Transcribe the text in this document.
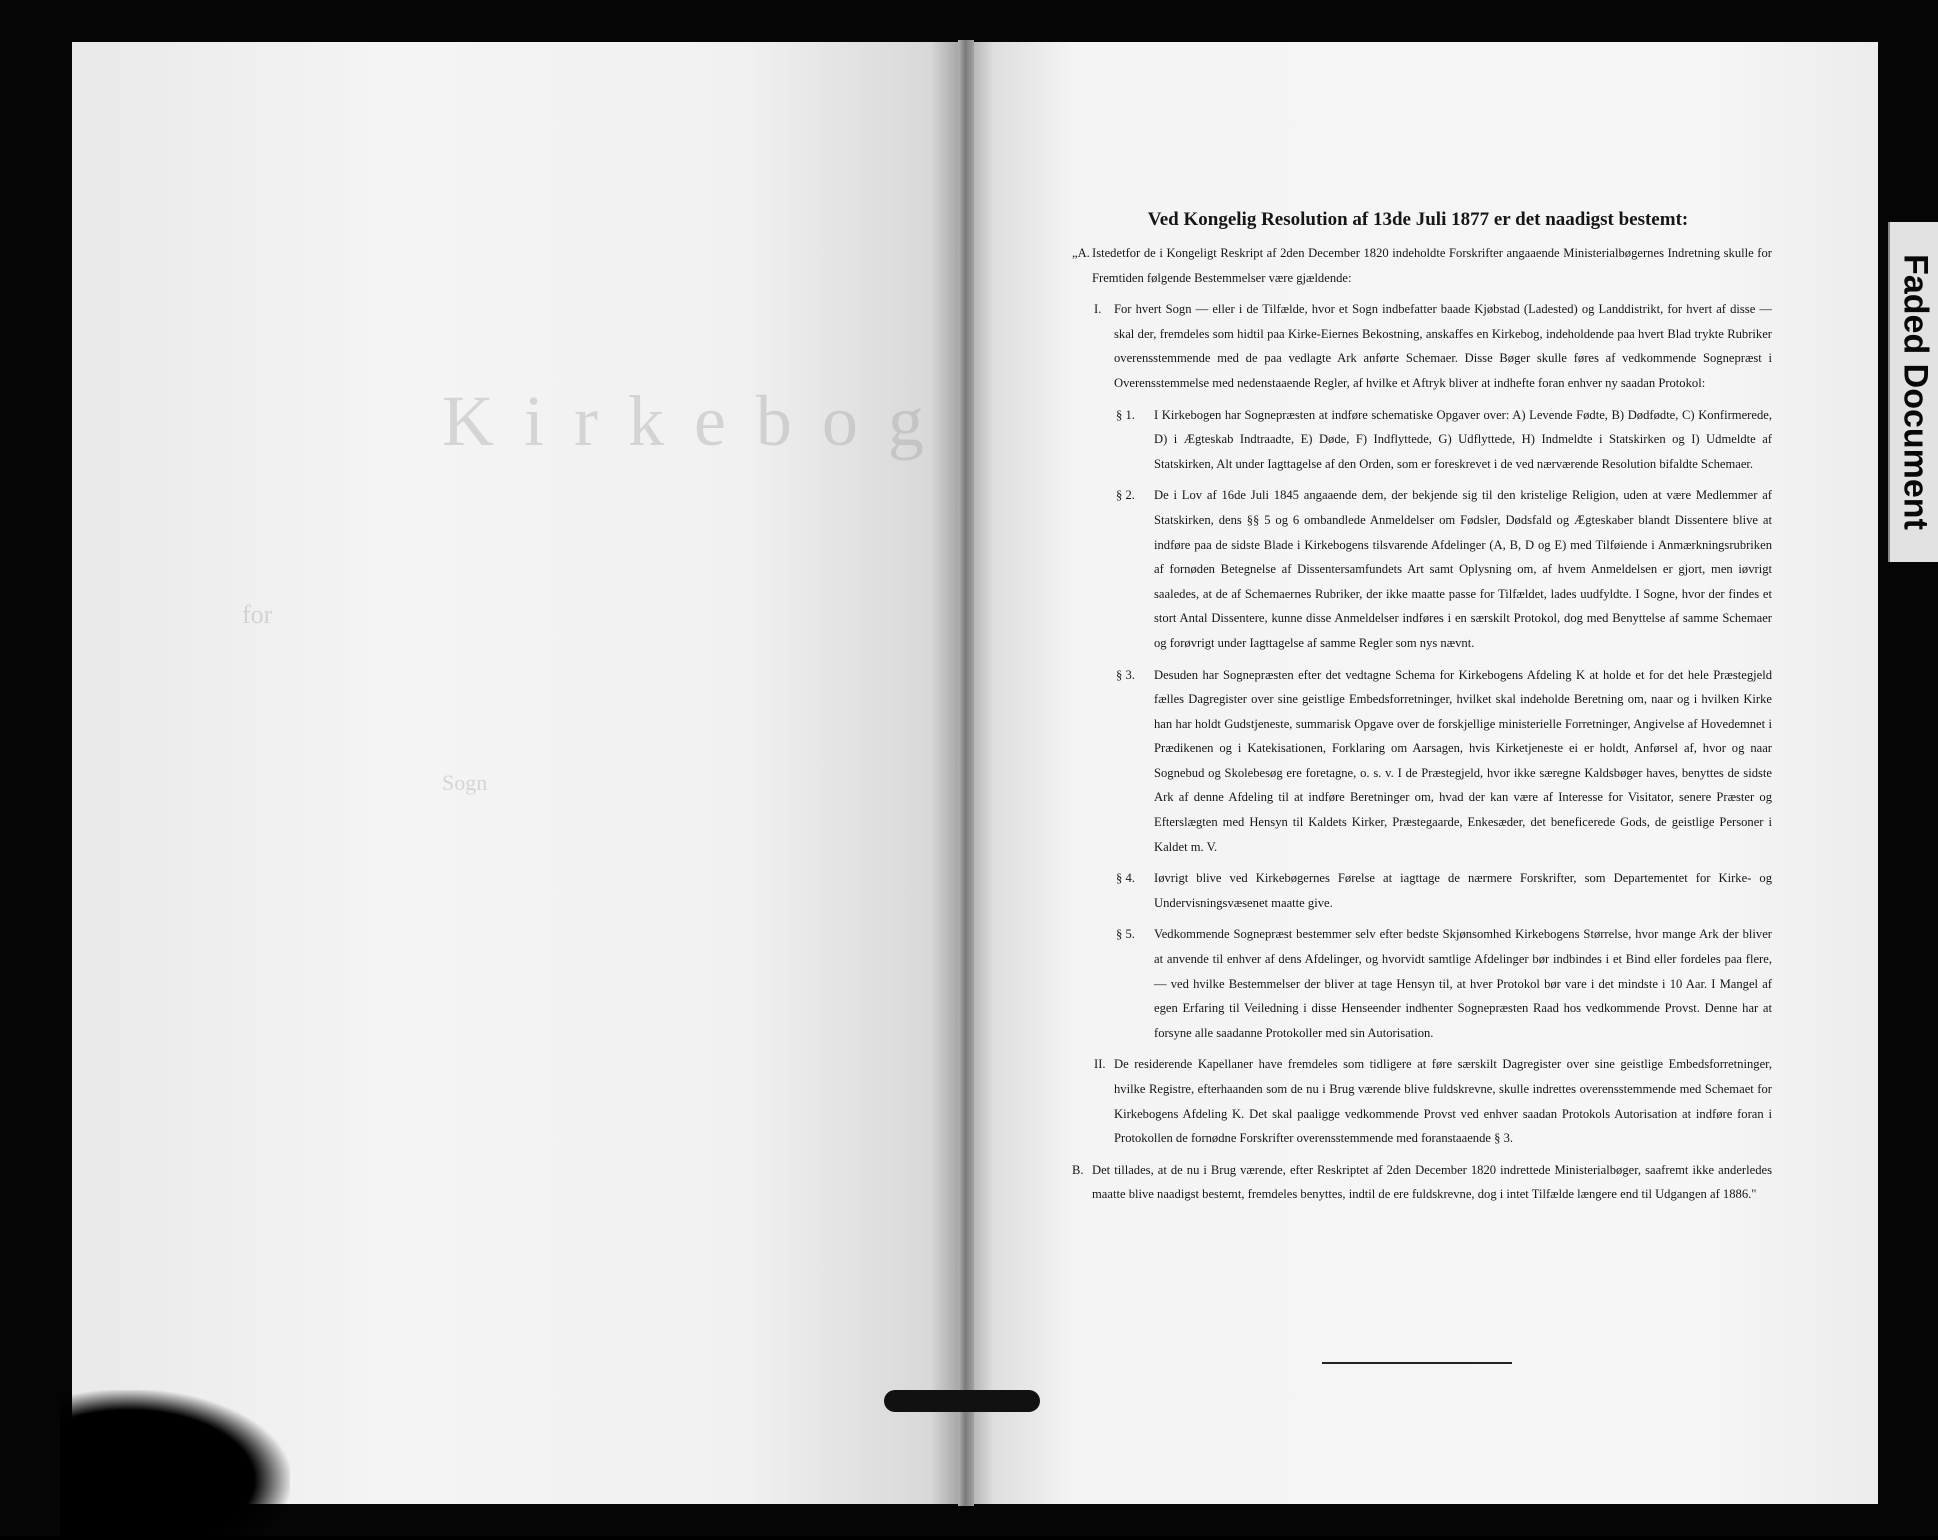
Kirkebog
for
Sogn
Faded Document
Ved Kongelig Resolution af 13de Juli 1877 er det naadigst bestemt:
„A. Istedetfor de i Kongeligt Reskript af 2den December 1820 indeholdte Forskrifter angaaende Ministerialbøgernes Indretning skulle for Fremtiden følgende Bestemmelser være gjældende:
I. For hvert Sogn — eller i de Tilfælde, hvor et Sogn indbefatter baade Kjøbstad (Ladested) og Landdistrikt, for hvert af disse — skal der, fremdeles som hidtil paa Kirke-Eiernes Bekostning, anskaffes en Kirkebog, indeholdende paa hvert Blad trykte Rubriker overensstemmende med de paa vedlagte Ark anførte Schemaer. Disse Bøger skulle føres af vedkommende Sognepræst i Overensstemmelse med nedenstaaende Regler, af hvilke et Aftryk bliver at indhefte foran enhver ny saadan Protokol:
§ 1. I Kirkebogen har Sognepræsten at indføre schematiske Opgaver over: A) Levende Fødte, B) Dødfødte, C) Konfirmerede, D) i Ægteskab Indtraadte, E) Døde, F) Indflyttede, G) Udflyttede, H) Indmeldte i Statskirken og I) Udmeldte af Statskirken, Alt under Iagttagelse af den Orden, som er foreskrevet i de ved nærværende Resolution bifaldte Schemaer.
§ 2. De i Lov af 16de Juli 1845 angaaende dem, der bekjende sig til den kristelige Religion, uden at være Medlemmer af Statskirken, dens §§ 5 og 6 ombandlede Anmeldelser om Fødsler, Dødsfald og Ægteskaber blandt Dissentere blive at indføre paa de sidste Blade i Kirkebogens tilsvarende Afdelinger (A, B, D og E) med Tilføiende i Anmærkningsrubriken af fornøden Betegnelse af Dissentersamfundets Art samt Oplysning om, af hvem Anmeldelsen er gjort, men iøvrigt saaledes, at de af Schemaernes Rubriker, der ikke maatte passe for Tilfældet, lades uudfyldte. I Sogne, hvor der findes et stort Antal Dissentere, kunne disse Anmeldelser indføres i en særskilt Protokol, dog med Benyttelse af samme Schemaer og forøvrigt under Iagttagelse af samme Regler som nys nævnt.
§ 3. Desuden har Sognepræsten efter det vedtagne Schema for Kirkebogens Afdeling K at holde et for det hele Præstegjeld fælles Dagregister over sine geistlige Embedsforretninger, hvilket skal indeholde Beretning om, naar og i hvilken Kirke han har holdt Gudstjeneste, summarisk Opgave over de forskjellige ministerielle Forretninger, Angivelse af Hovedemnet i Prædikenen og i Katekisationen, Forklaring om Aarsagen, hvis Kirketjeneste ei er holdt, Anførsel af, hvor og naar Sognebud og Skolebesøg ere foretagne, o. s. v. I de Præstegjeld, hvor ikke særegne Kaldsbøger haves, benyttes de sidste Ark af denne Afdeling til at indføre Beretninger om, hvad der kan være af Interesse for Visitator, senere Præster og Efterslægten med Hensyn til Kaldets Kirker, Præstegaarde, Enkesæder, det beneficerede Gods, de geistlige Personer i Kaldet m. V.
§ 4. Iøvrigt blive ved Kirkebøgernes Førelse at iagttage de nærmere Forskrifter, som Departementet for Kirke- og Undervisningsvæsenet maatte give.
§ 5. Vedkommende Sognepræst bestemmer selv efter bedste Skjønsomhed Kirkebogens Størrelse, hvor mange Ark der bliver at anvende til enhver af dens Afdelinger, og hvorvidt samtlige Afdelinger bør indbindes i et Bind eller fordeles paa flere, — ved hvilke Bestemmelser der bliver at tage Hensyn til, at hver Protokol bør vare i det mindste i 10 Aar. I Mangel af egen Erfaring til Veiledning i disse Henseender indhenter Sognepræsten Raad hos vedkommende Provst. Denne har at forsyne alle saadanne Protokoller med sin Autorisation.
II. De residerende Kapellaner have fremdeles som tidligere at føre særskilt Dagregister over sine geistlige Embedsforretninger, hvilke Registre, efterhaanden som de nu i Brug værende blive fuldskrevne, skulle indrettes overensstemmende med Schemaet for Kirkebogens Afdeling K. Det skal paaligge vedkommende Provst ved enhver saadan Protokols Autorisation at indføre foran i Protokollen de fornødne Forskrifter overensstemmende med foranstaaende § 3.
B. Det tillades, at de nu i Brug værende, efter Reskriptet af 2den December 1820 indrettede Ministerialbøger, saafremt ikke anderledes maatte blive naadigst bestemt, fremdeles benyttes, indtil de ere fuldskrevne, dog i intet Tilfælde længere end til Udgangen af 1886."
